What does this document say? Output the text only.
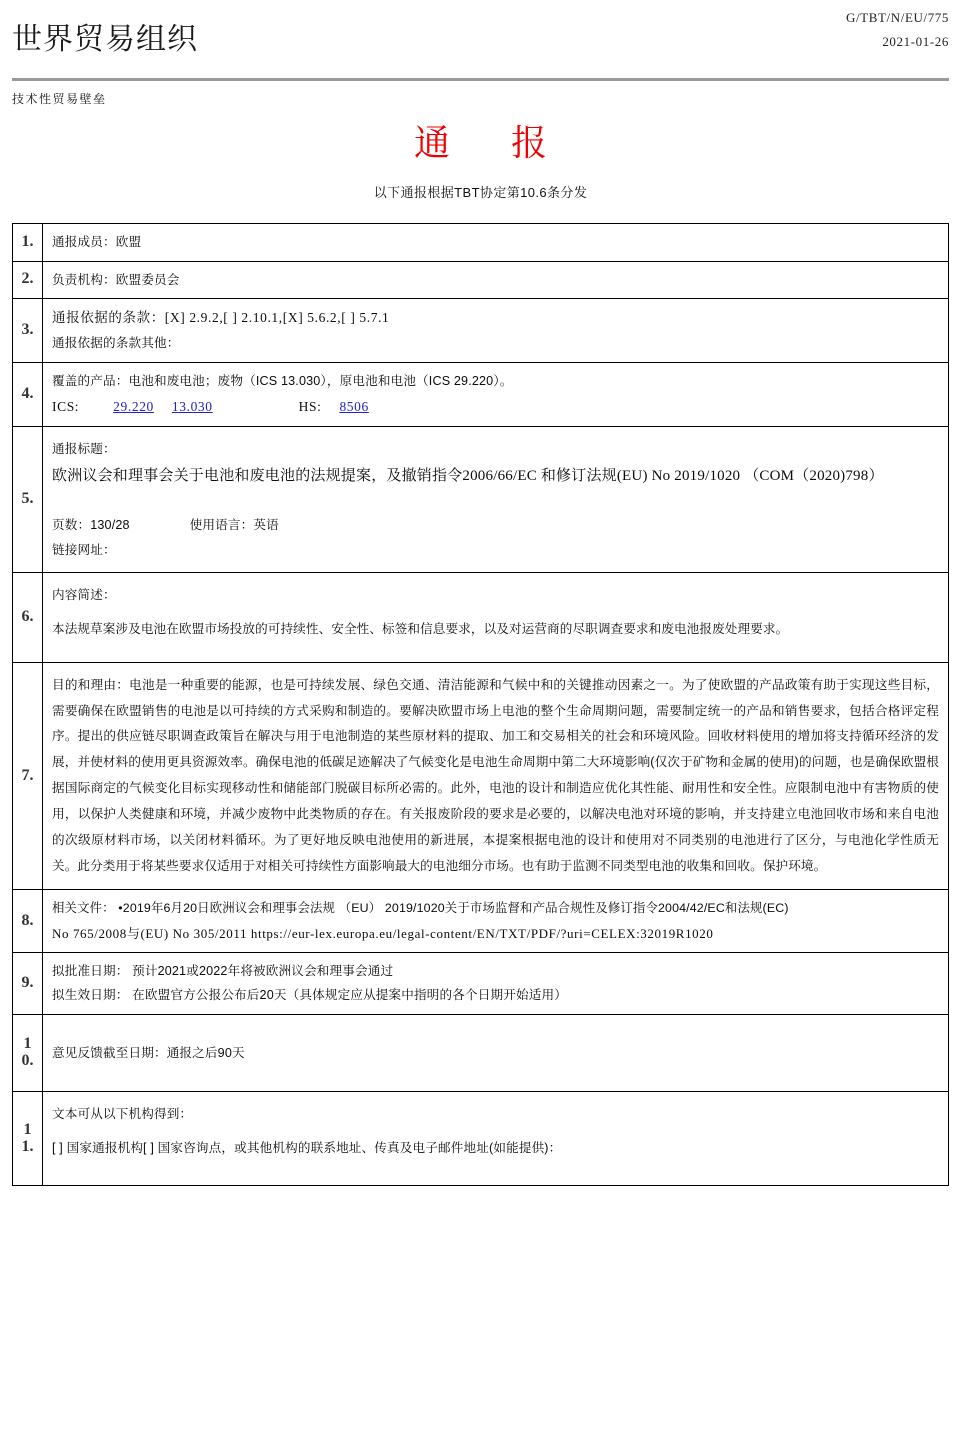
世界贸易组织
G/TBT/N/EU/775
2021-01-26
技术性贸易壁垒
通 报
以下通报根据TBT协定第10.6条分发
1.	通报成员：欧盟

2.	负责机构：欧盟委员会

3.	通报依据的条款：[X] 2.9.2,[ ] 2.10.1,[X] 5.6.2,[ ] 5.7.1
通报依据的条款其他：

4.	覆盖的产品：电池和废电池；废物（ICS 13.030），原电池和电池（ICS 29.220）。
ICS: 29.220 13.030 HS: 8506

5.	通报标题：
欧洲议会和理事会关于电池和废电池的法规提案，及撤销指令2006/66/EC 和修订法规(EU) No 2019/1020 （COM（2020)798）
页数：130/28 使用语言：英语
链接网址：

6.	内容简述：
本法规草案涉及电池在欧盟市场投放的可持续性、安全性、标签和信息要求，以及对运营商的尽职调查要求和废电池报废处理要求。

7.	目的和理由：电池是一种重要的能源，也是可持续发展、绿色交通、清洁能源和气候中和的关键推动因素之一。为了使欧盟的产品政策有助于实现这些目标，需要确保在欧盟销售的电池是以可持续的方式采购和制造的。要解决欧盟市场上电池的整个生命周期问题，需要制定统一的产品和销售要求，包括合格评定程序。提出的供应链尽职调查政策旨在解决与用于电池制造的某些原材料的提取、加工和交易相关的社会和环境风险。回收材料使用的增加将支持循环经济的发展，并使材料的使用更具资源效率。确保电池的低碳足迹解决了气候变化是电池生命周期中第二大环境影响(仅次于矿物和金属的使用)的问题，也是确保欧盟根据国际商定的气候变化目标实现移动性和储能部门脱碳目标所必需的。此外，电池的设计和制造应优化其性能、耐用性和安全性。应限制电池中有害物质的使用，以保护人类健康和环境，并减少废物中此类物质的存在。有关报废阶段的要求是必要的，以解决电池对环境的影响，并支持建立电池回收市场和来自电池的次级原材料市场，以关闭材料循环。为了更好地反映电池使用的新进展，本提案根据电池的设计和使用对不同类别的电池进行了区分，与电池化学性质无关。此分类用于将某些要求仅适用于对相关可持续性方面影响最大的电池细分市场。也有助于监测不同类型电池的收集和回收。保护环境。

8.	相关文件： •2019年6月20日欧洲议会和理事会法规 （EU） 2019/1020关于市场监督和产品合规性及修订指令2004/42/EC和法规(EC)
No 765/2008与(EU) No 305/2011 https://eur-lex.europa.eu/legal-content/EN/TXT/PDF/?uri=CELEX:32019R1020

9.	拟批准日期： 预计2021或2022年将被欧洲议会和理事会通过
拟生效日期： 在欧盟官方公报公布后20天（具体规定应从提案中指明的各个日期开始适用）

1
0.	意见反馈截至日期：通报之后90天

1
1.	文本可从以下机构得到：
[ ] 国家通报机构[ ] 国家咨询点，或其他机构的联系地址、传真及电子邮件地址(如能提供)：
